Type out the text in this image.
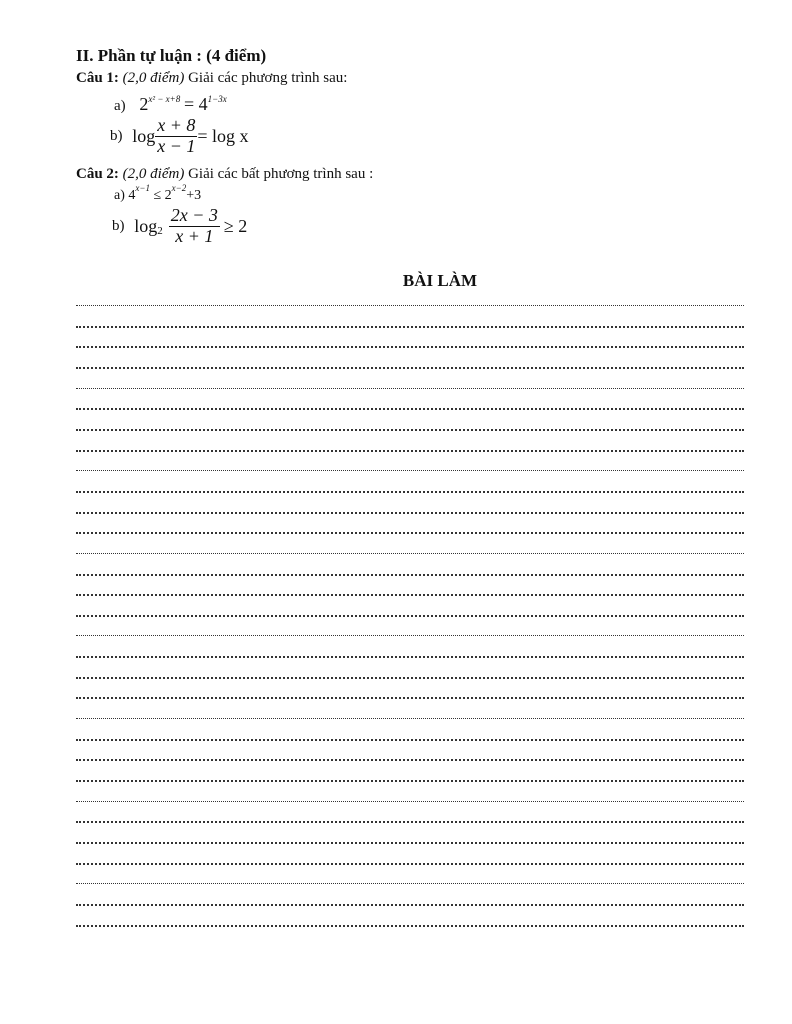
II. Phần tự luận : (4 điểm)
Câu 1: (2,0 điểm) Giải các phương trình sau:
a) $2^{x^2 - x+8} = 4^{1-3x}$
b) $\log \frac{x + 8}{x - 1} = \log x$
Câu 2: (2,0 điểm) Giải các bất phương trình sau :
a) $4^{x-1} \le 2^{x-2}+3$
b) $\log_2 \frac{2x - 3}{x + 1} \ge 2$
BÀI LÀM
